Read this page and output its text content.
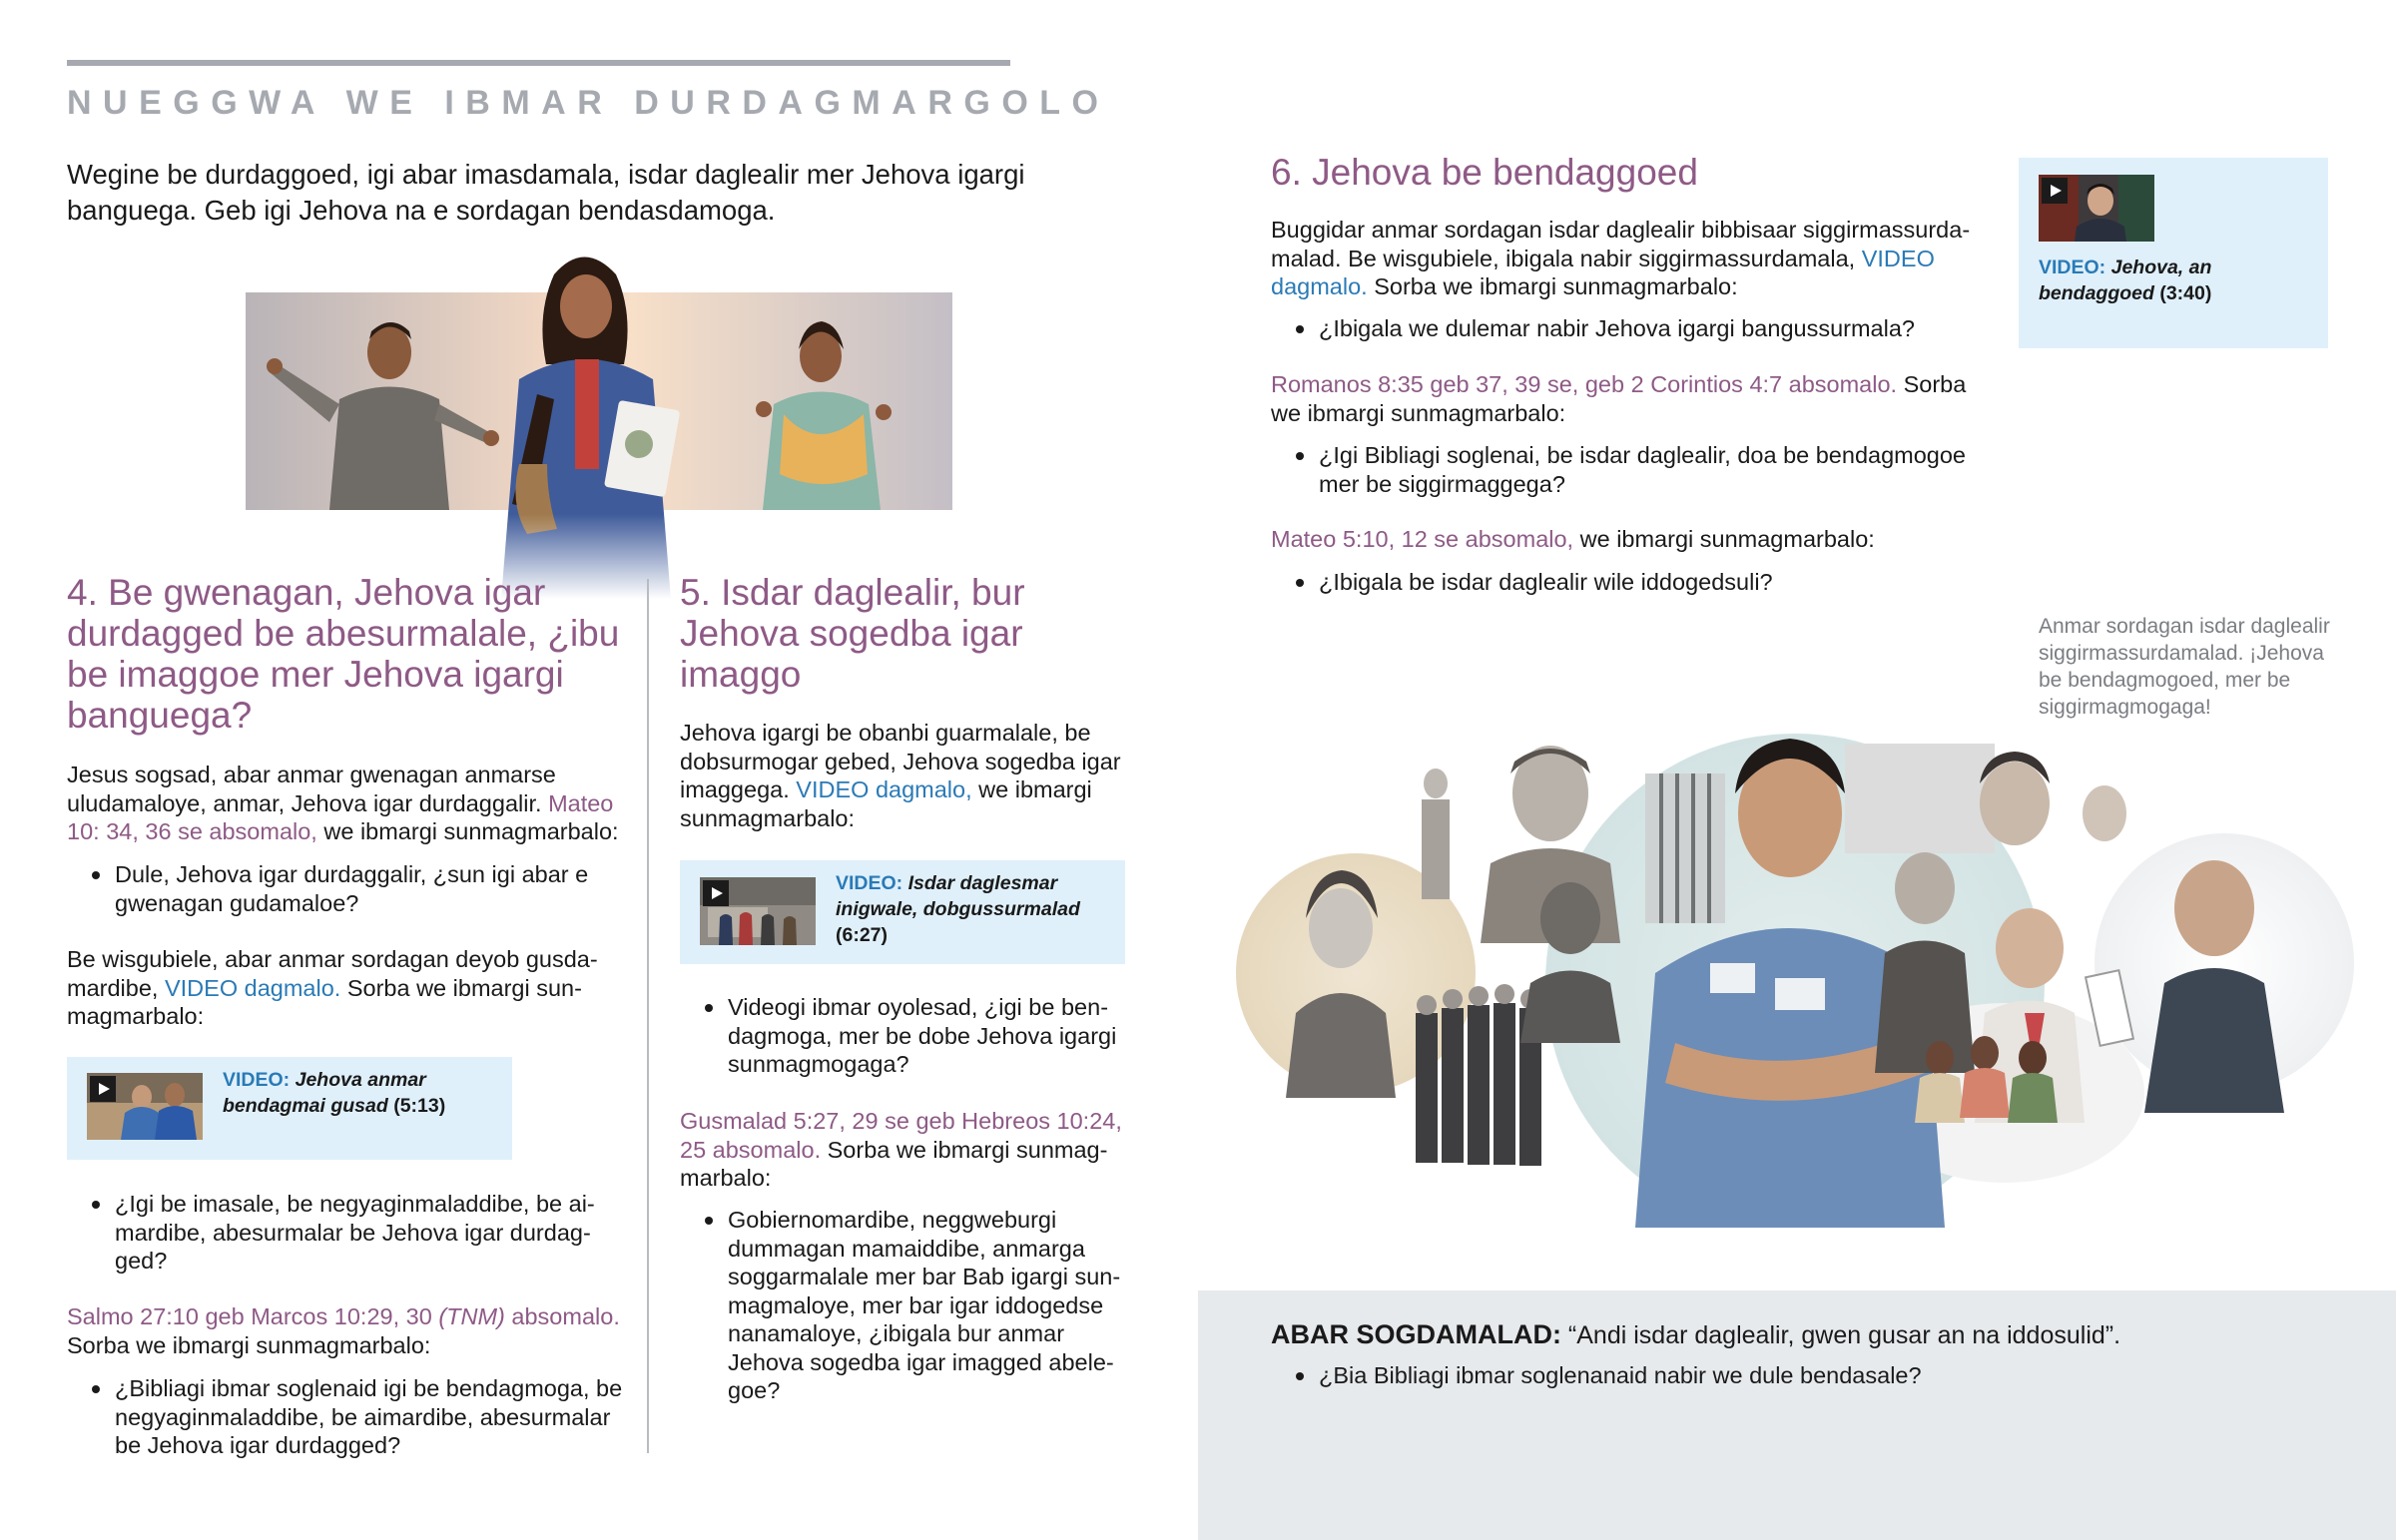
NUEGGWA WE IBMAR DURDAGMARGOLO

Wegine be durdaggoed, igi abar imasdamala, isdar daglealir mer Jehova igargi banguega. Geb igi Jehova na e sordagan bendasdamoga.

4. Be gwenagan, Jehova igar durdagged be abesurmalale, ¿ibu be imaggoe mer Jehova igargi banguega?

Jesus sogsad, abar anmar gwenagan anmarse uludamaloye, anmar, Jehova igar durdaggalir. Mateo 10: 34, 36 se absomalo, we ibmargi sunmagmarbalo:

Dule, Jehova igar durdaggalir, ¿sun igi abar e gwenagan gudamaloe?

Be wisgubiele, abar anmar sordagan deyob gusdamardibe, VIDEO dagmalo. Sorba we ibmargi sunmagmarbalo:

VIDEO: Jehova anmar bendagmai gusad (5:13)
¿Igi be imasale, be negyaginmaladdibe, be aimardibe, abesurmalar be Jehova igar durdagged?

Salmo 27:10 geb Marcos 10:29, 30 (TNM) absomalo. Sorba we ibmargi sunmagmarbalo:

¿Bibliagi ibmar soglenaid igi be bendagmoga, be negyaginmaladdibe, be aimardibe, abesurmalar be Jehova igar durdagged?
5. Isdar daglealir, bur Jehova sogedba igar imaggo

Jehova igargi be obanbi guarmalale, be dobsurmogar gebed, Jehova sogedba igar imaggega. VIDEO dagmalo, we ibmargi sunmagmarbalo:

VIDEO: Isdar daglesmar inigwale, dobgussurmalad (6:27)
Videogi ibmar oyolesad, ¿igi be bendagmoga, mer be dobe Jehova igargi sunmagmogaga?

Gusmalad 5:27, 29 se geb Hebreos 10:24, 25 absomalo. Sorba we ibmargi sunmagmarbalo:

Gobiernomardibe, neggweburgi dummagan mamaiddibe, anmarga soggarmalale mer bar Bab igargi sunmagmaloye, mer bar igar iddogedse nanamaloye, ¿ibigala bur anmar Jehova sogedba igar imagged abelegoe?
6. Jehova be bendaggoed

Buggidar anmar sordagan isdar daglealir bibbisaar siggirmassurdamalad. Be wisgubiele, ibigala nabir siggirmassurdamala, VIDEO dagmalo. Sorba we ibmargi sunmagmarbalo:

¿Ibigala we dulemar nabir Jehova igargi bangussurmala?

Romanos 8:35 geb 37, 39 se, geb 2 Corintios 4:7 absomalo. Sorba we ibmargi sunmagmarbalo:

¿Igi Bibliagi soglenai, be isdar daglealir, doa be bendagmogoe mer be siggirmaggega?

Mateo 5:10, 12 se absomalo, we ibmargi sunmagmarbalo:

¿Ibigala be isdar daglealir wile iddogedsuli?
VIDEO: Jehova, an bendaggoed (3:40)

Anmar sordagan isdar daglealir siggirmassurdamalad. ¡Jehova be bendagmogoed, mer be siggirmagmogaga!

ABAR SOGDAMALAD: “Andi isdar daglealir, gwen gusar an na iddosulid”.

¿Bia Bibliagi ibmar soglenanaid nabir we dule bendasale?
